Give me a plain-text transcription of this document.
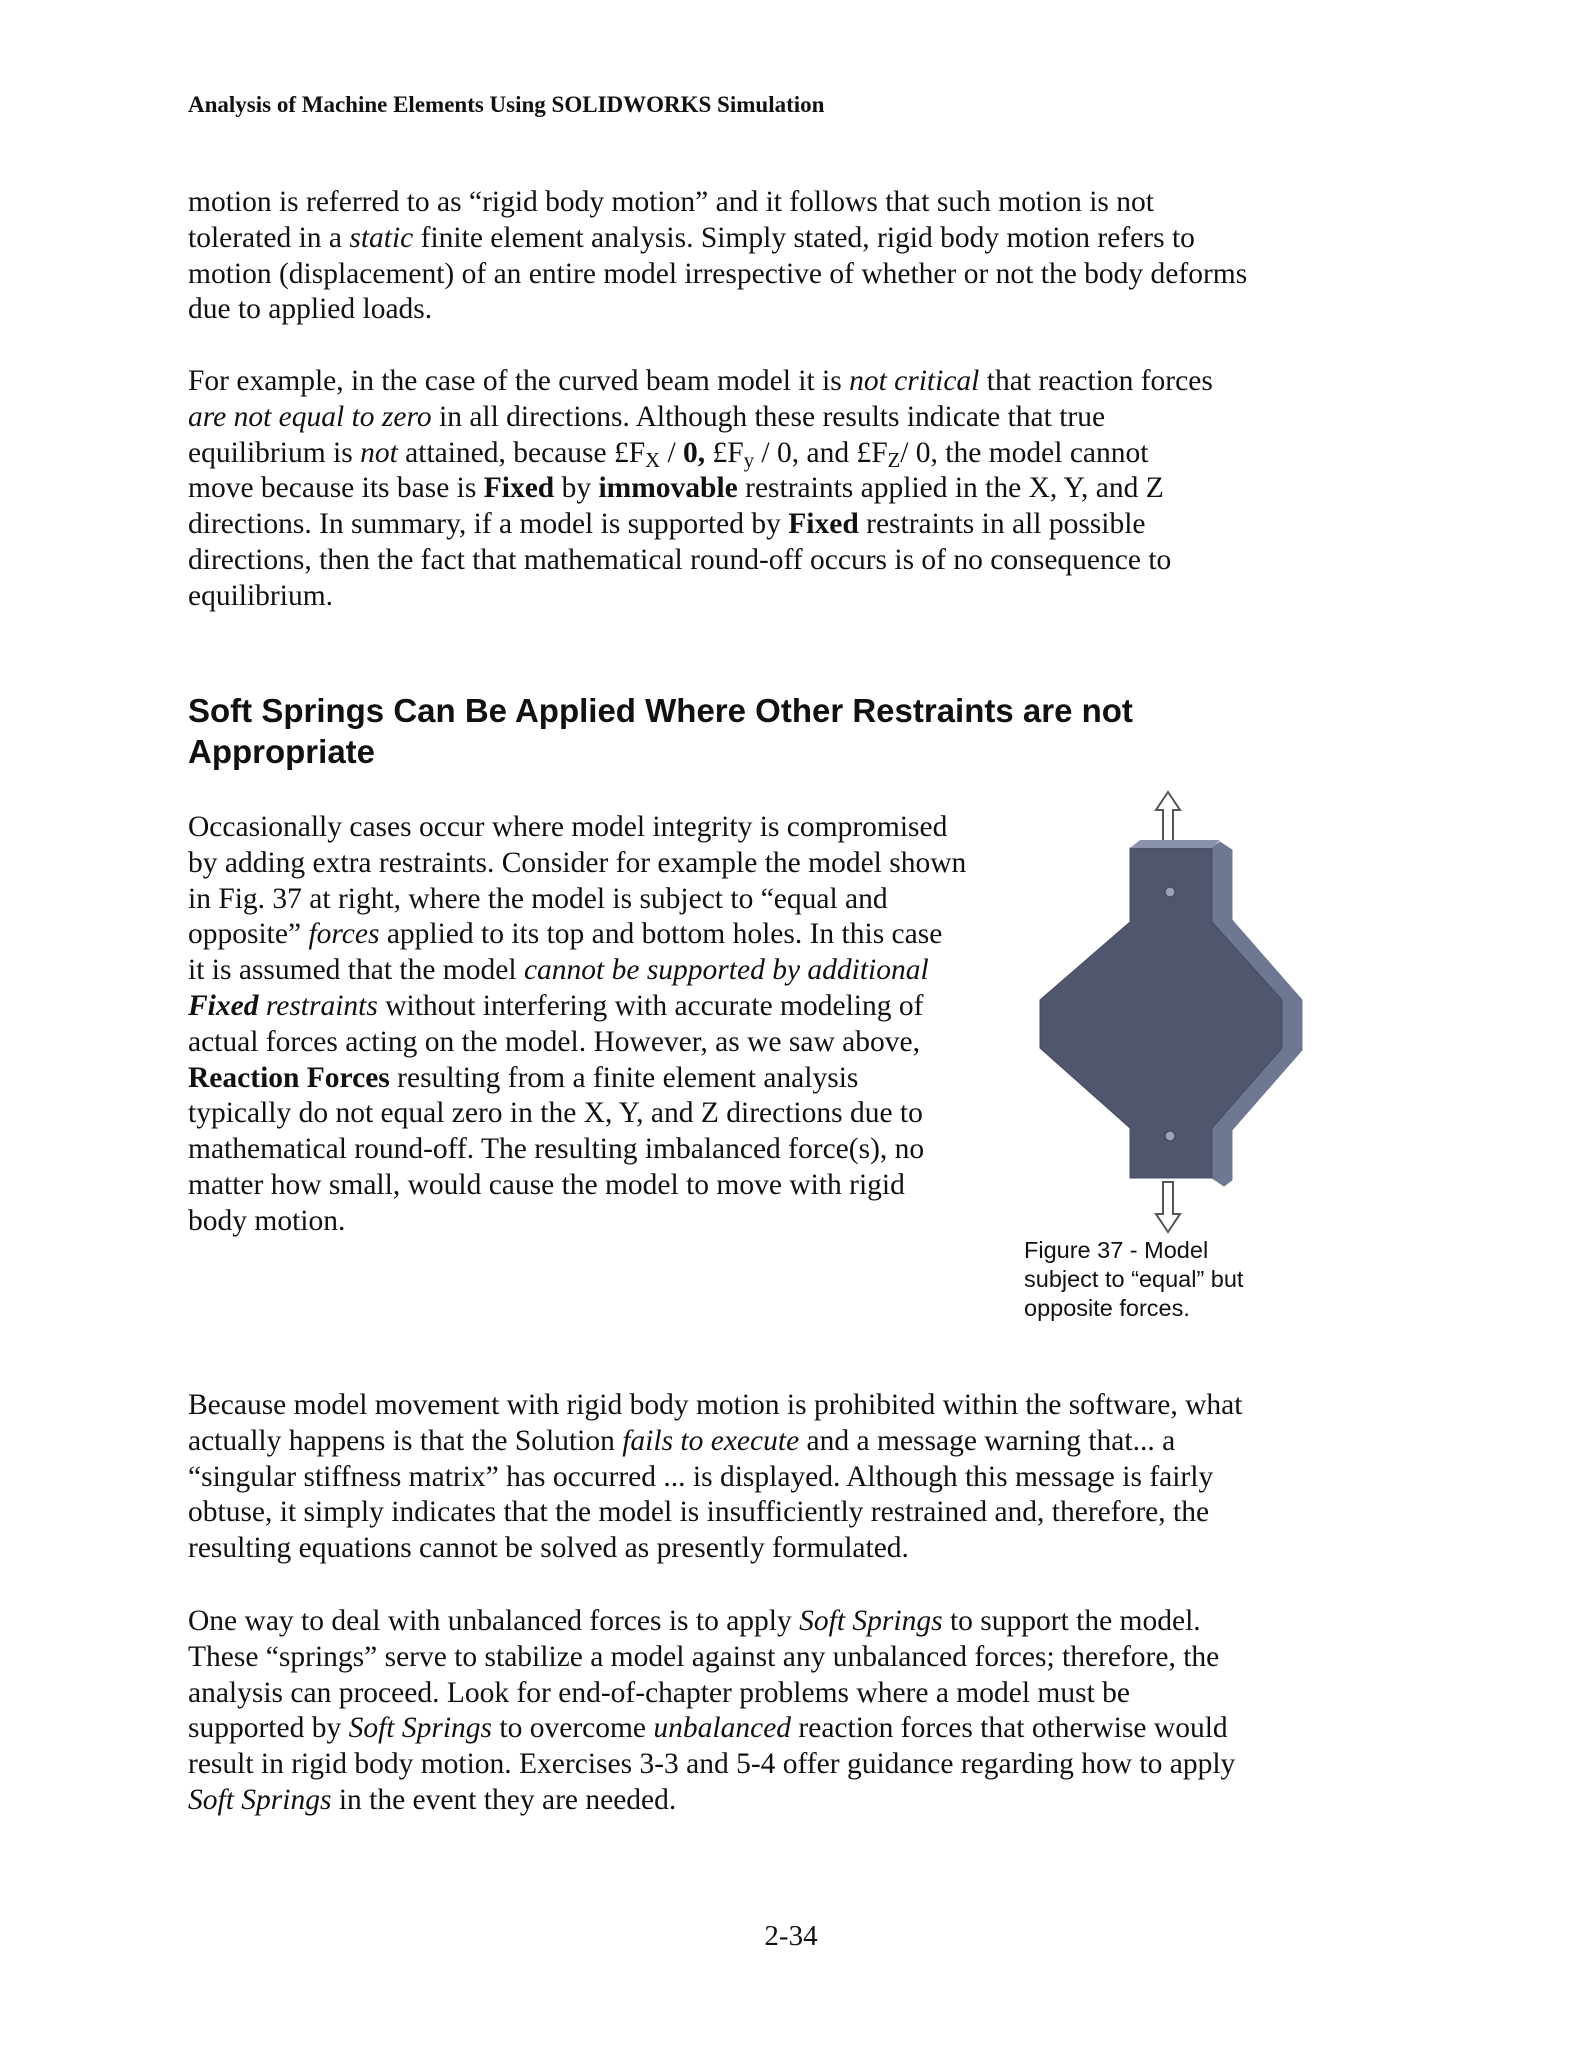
Analysis of Machine Elements Using SOLIDWORKS Simulation

motion is referred to as “rigid body motion” and it follows that such motion is not
tolerated in a static finite element analysis. Simply stated, rigid body motion refers to
motion (displacement) of an entire model irrespective of whether or not the body deforms
due to applied loads.

For example, in the case of the curved beam model it is not critical that reaction forces
are not equal to zero in all directions. Although these results indicate that true
equilibrium is not attained, because $£F_X / 0$, $£F_y / 0$, and $£F_Z/$ 0, the model cannot
move because its base is Fixed by immovable restraints applied in the X, Y, and Z
directions. In summary, if a model is supported by Fixed restraints in all possible
directions, then the fact that mathematical round-off occurs is of no consequence to
equilibrium.

Soft Springs Can Be Applied Where Other Restraints are not
Appropriate

Occasionally cases occur where model integrity is compromised
by adding extra restraints. Consider for example the model shown
in Fig. 37 at right, where the model is subject to “equal and
opposite” forces applied to its top and bottom holes. In this case
it is assumed that the model cannot be supported by additional
Fixed restraints without interfering with accurate modeling of
actual forces acting on the model. However, as we saw above,
Reaction Forces resulting from a finite element analysis
typically do not equal zero in the X, Y, and Z directions due to
mathematical round-off. The resulting imbalanced force(s), no
matter how small, would cause the model to move with rigid
body motion.

Figure 37 - Model
subject to “equal” but
opposite forces.

Because model movement with rigid body motion is prohibited within the software, what
actually happens is that the Solution fails to execute and a message warning that... a
“singular stiffness matrix” has occurred ... is displayed. Although this message is fairly
obtuse, it simply indicates that the model is insufficiently restrained and, therefore, the
resulting equations cannot be solved as presently formulated.

One way to deal with unbalanced forces is to apply Soft Springs to support the model.
These “springs” serve to stabilize a model against any unbalanced forces; therefore, the
analysis can proceed. Look for end-of-chapter problems where a model must be
supported by Soft Springs to overcome unbalanced reaction forces that otherwise would
result in rigid body motion. Exercises 3-3 and 5-4 offer guidance regarding how to apply
Soft Springs in the event they are needed.

2-34
